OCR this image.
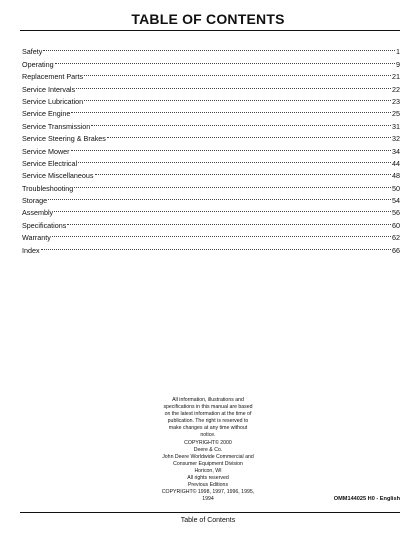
TABLE OF CONTENTS
Safety	1
Operating	9
Replacement Parts	21
Service Intervals	22
Service Lubrication	23
Service Engine	25
Service Transmission	31
Service Steering & Brakes	32
Service Mower	34
Service Electrical	44
Service Miscellaneous	48
Troubleshooting	50
Storage	54
Assembly	56
Specifications	60
Warranty	62
Index	66
All information, illustrations and
specifications in this manual are based
on the latest information at the time of
publication. The right is reserved to
make changes at any time without
notice.
COPYRIGHT© 2000
Deere & Co.
John Deere Worldwide Commercial and
Consumer Equipment Division
Horicon, WI
All rights reserved
Previous Editions
COPYRIGHT© 1998, 1997, 1996, 1995,
1994	OMM144025 H0 - English
Table of Contents
